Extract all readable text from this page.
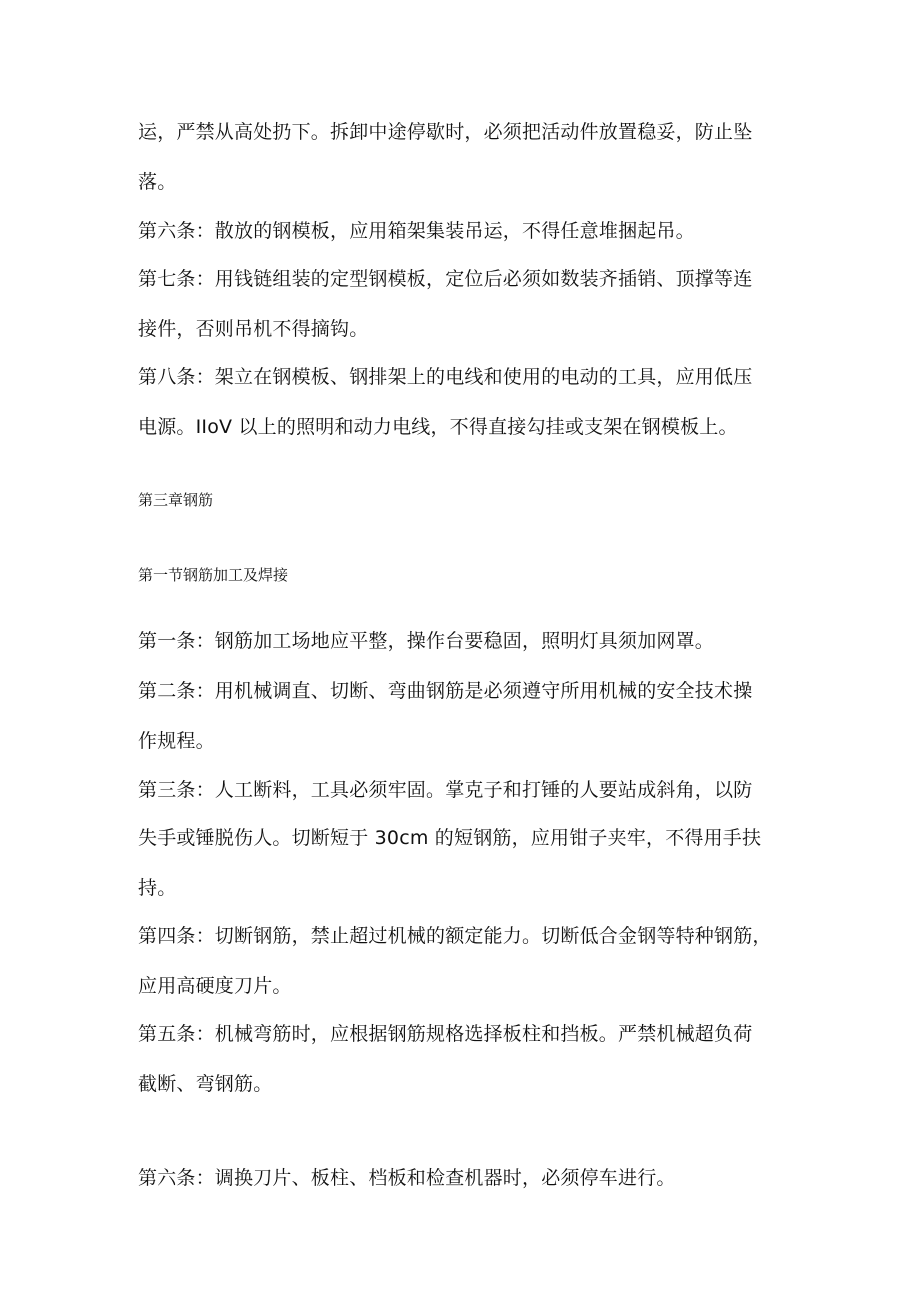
运，严禁从高处扔下。拆卸中途停歇时，必须把活动件放置稳妥，防止坠
落。
第六条：散放的钢模板，应用箱架集装吊运，不得任意堆捆起吊。
第七条：用钱链组装的定型钢模板，定位后必须如数装齐插销、顶撑等连
接件，否则吊机不得摘钩。
第八条：架立在钢模板、钢排架上的电线和使用的电动的工具，应用低压
电源。IIoV 以上的照明和动力电线，不得直接勾挂或支架在钢模板上。
第三章钢筋
第一节钢筋加工及焊接
第一条：钢筋加工场地应平整，操作台要稳固，照明灯具须加网罩。
第二条：用机械调直、切断、弯曲钢筋是必须遵守所用机械的安全技术操
作规程。
第三条：人工断料，工具必须牢固。掌克子和打锤的人要站成斜角，以防
失手或锤脱伤人。切断短于 30cm 的短钢筋，应用钳子夹牢，不得用手扶
持。
第四条：切断钢筋，禁止超过机械的额定能力。切断低合金钢等特种钢筋，
应用高硬度刀片。
第五条：机械弯筋时，应根据钢筋规格选择板柱和挡板。严禁机械超负荷
截断、弯钢筋。
第六条：调换刀片、板柱、档板和检查机器时，必须停车进行。
